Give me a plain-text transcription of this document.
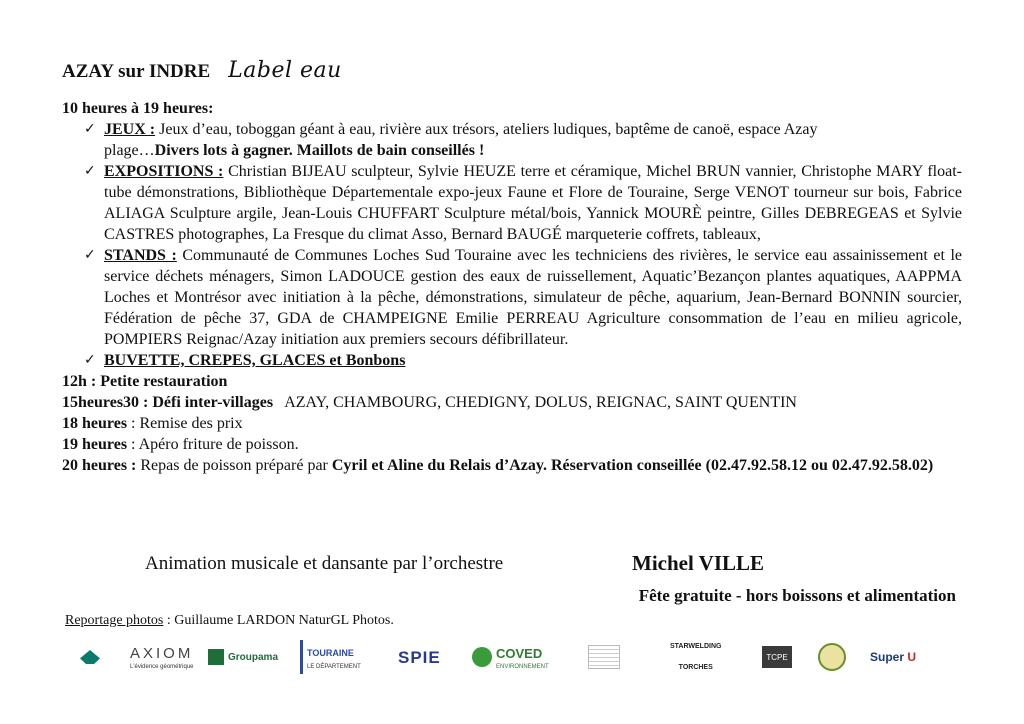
AZAY sur INDRE Label eau
10 heures à 19 heures:
✓ JEUX : Jeux d’eau, toboggan géant à eau, rivière aux trésors, ateliers ludiques, baptême de canoë, espace Azay
plage…Divers lots à gagner. Maillots de bain conseillés !
✓ EXPOSITIONS : Christian BIJEAU sculpteur, Sylvie HEUZE terre et céramique, Michel BRUN vannier, Christophe MARY float-tube démonstrations, Bibliothèque Départementale expo-jeux Faune et Flore de Touraine, Serge VENOT tourneur sur bois, Fabrice ALIAGA Sculpture argile, Jean-Louis CHUFFART Sculpture métal/bois, Yannick MOURÈ peintre, Gilles DEBREGEAS et Sylvie CASTRES photographes, La Fresque du climat Asso, Bernard BAUGÉ marqueterie coffrets, tableaux,
✓ STANDS : Communauté de Communes Loches Sud Touraine avec les techniciens des rivières, le service eau assainissement et le service déchets ménagers, Simon LADOUCE gestion des eaux de ruissellement, Aquatic’Bezançon plantes aquatiques, AAPPMA Loches et Montrésor avec initiation à la pêche, démonstrations, simulateur de pêche, aquarium, Jean-Bernard BONNIN sourcier, Fédération de pêche 37, GDA de CHAMPEIGNE Emilie PERREAU Agriculture consommation de l’eau en milieu agricole, POMPIERS Reignac/Azay initiation aux premiers secours défibrillateur.
✓ BUVETTE, CREPES, GLACES et Bonbons
12h : Petite restauration
15heures30 : Défi inter-villages AZAY, CHAMBOURG, CHEDIGNY, DOLUS, REIGNAC, SAINT QUENTIN
18 heures : Remise des prix
19 heures : Apéro friture de poisson.
20 heures : Repas de poisson préparé par Cyril et Aline du Relais d’Azay. Réservation conseillée (02.47.92.58.12 ou 02.47.92.58.02)
Animation musicale et dansante par l’orchestre	Michel VILLE
Fête gratuite - hors boissons et alimentation
Reportage photos : Guillaume LARDON NaturGL Photos.
AXIOM
L'évidence géométrique
Groupama	TOURAINE
LE DÉPARTEMENT
SPIE	COVED
ENVIRONNEMENT
STARWELDING
TORCHES
TCPE	Super U
